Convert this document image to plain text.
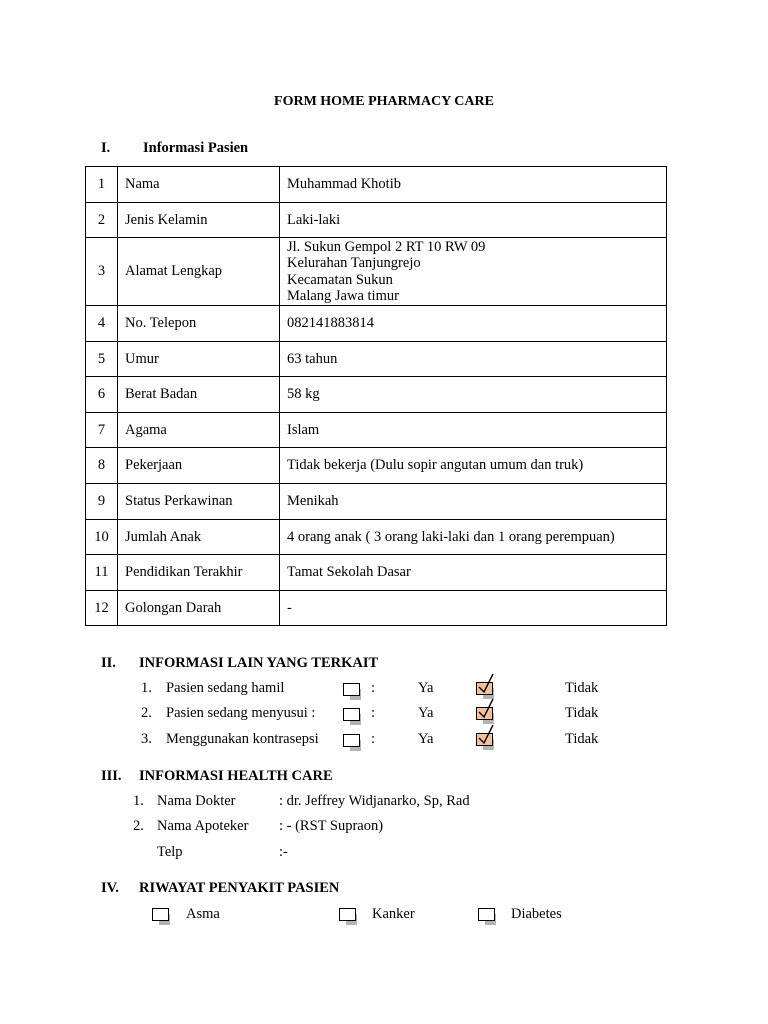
FORM HOME PHARMACY CARE
I. Informasi Pasien
1	Nama	Muhammad Khotib

2	Jenis Kelamin	Laki-laki

3	Alamat Lengkap	Jl. Sukun Gempol 2 RT 10 RW 09
Kelurahan Tanjungrejo
Kecamatan Sukun
Malang Jawa timur

4	No. Telepon	082141883814

5	Umur	63 tahun

6	Berat Badan	58 kg

7	Agama	Islam

8	Pekerjaan	Tidak bekerja (Dulu sopir angutan umum dan truk)

9	Status Perkawinan	Menikah

10	Jumlah Anak	4 orang anak ( 3 orang laki-laki dan 1 orang perempuan)

11	Pendidikan Terakhir	Tamat Sekolah Dasar

12	Golongan Darah	-
II. INFORMASI LAIN YANG TERKAIT
1. Pasien sedang hamil	:	Ya	Tidak
2. Pasien sedang menyusui :	:	Ya	Tidak
3. Menggunakan kontrasepsi	:	Ya	Tidak
III. INFORMASI HEALTH CARE
1. Nama Dokter	: dr. Jeffrey Widjanarko, Sp, Rad
2. Nama Apoteker : - (RST Supraon)
Telp	:-
IV. RIWAYAT PENYAKIT PASIEN
Asma	Kanker	Diabetes
